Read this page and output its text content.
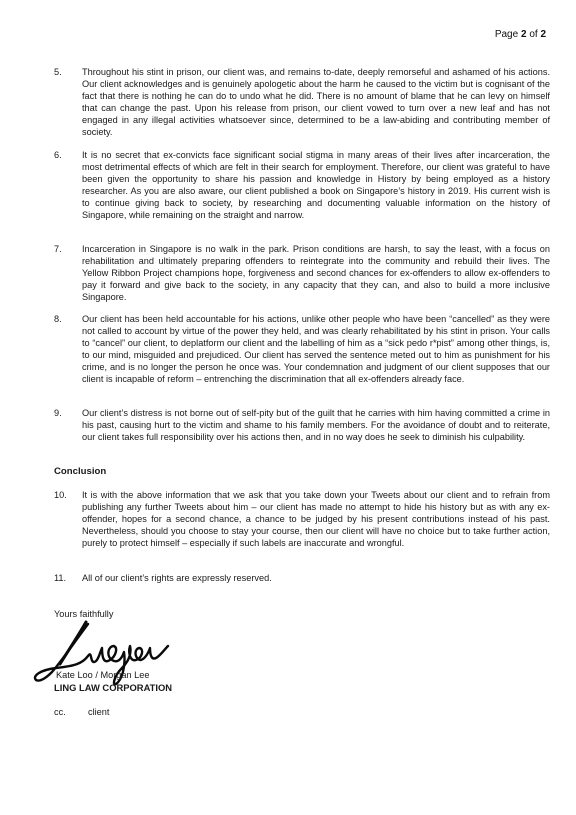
Page 2 of 2
5. Throughout his stint in prison, our client was, and remains to-date, deeply remorseful and ashamed of his actions. Our client acknowledges and is genuinely apologetic about the harm he caused to the victim but is cognisant of the fact that there is nothing he can do to undo what he did. There is no amount of blame that he can levy on himself that can change the past. Upon his release from prison, our client vowed to turn over a new leaf and has not engaged in any illegal activities whatsoever since, determined to be a law-abiding and contributing member of society.
6. It is no secret that ex-convicts face significant social stigma in many areas of their lives after incarceration, the most detrimental effects of which are felt in their search for employment. Therefore, our client was grateful to have been given the opportunity to share his passion and knowledge in History by being employed as a history researcher. As you are also aware, our client published a book on Singapore’s history in 2019. His current wish is to continue giving back to society, by researching and documenting valuable information on the history of Singapore, while remaining on the straight and narrow.
7. Incarceration in Singapore is no walk in the park. Prison conditions are harsh, to say the least, with a focus on rehabilitation and ultimately preparing offenders to reintegrate into the community and rebuild their lives. The Yellow Ribbon Project champions hope, forgiveness and second chances for ex-offenders to allow ex-offenders to pay it forward and give back to the society, in any capacity that they can, and also to build a more inclusive Singapore.
8. Our client has been held accountable for his actions, unlike other people who have been “cancelled” as they were not called to account by virtue of the power they held, and was clearly rehabilitated by his stint in prison. Your calls to “cancel” our client, to deplatform our client and the labelling of him as a “sick pedo r*pist” among other things, is, to our mind, misguided and prejudiced. Our client has served the sentence meted out to him as punishment for his crime, and is no longer the person he once was. Your condemnation and judgment of our client supposes that our client is incapable of reform – entrenching the discrimination that all ex-offenders already face.
9. Our client’s distress is not borne out of self-pity but of the guilt that he carries with him having committed a crime in his past, causing hurt to the victim and shame to his family members. For the avoidance of doubt and to reiterate, our client takes full responsibility over his actions then, and in no way does he seek to diminish his culpability.
Conclusion
10. It is with the above information that we ask that you take down your Tweets about our client and to refrain from publishing any further Tweets about him – our client has made no attempt to hide his history but as with any ex-offender, hopes for a second chance, a chance to be judged by his present contributions instead of his past. Nevertheless, should you choose to stay your course, then our client will have no choice but to take further action, purely to protect himself – especially if such labels are inaccurate and wrongful.
11. All of our client’s rights are expressly reserved.
Yours faithfully
Kate Loo / Morgan Lee
LING LAW CORPORATION
cc. client
